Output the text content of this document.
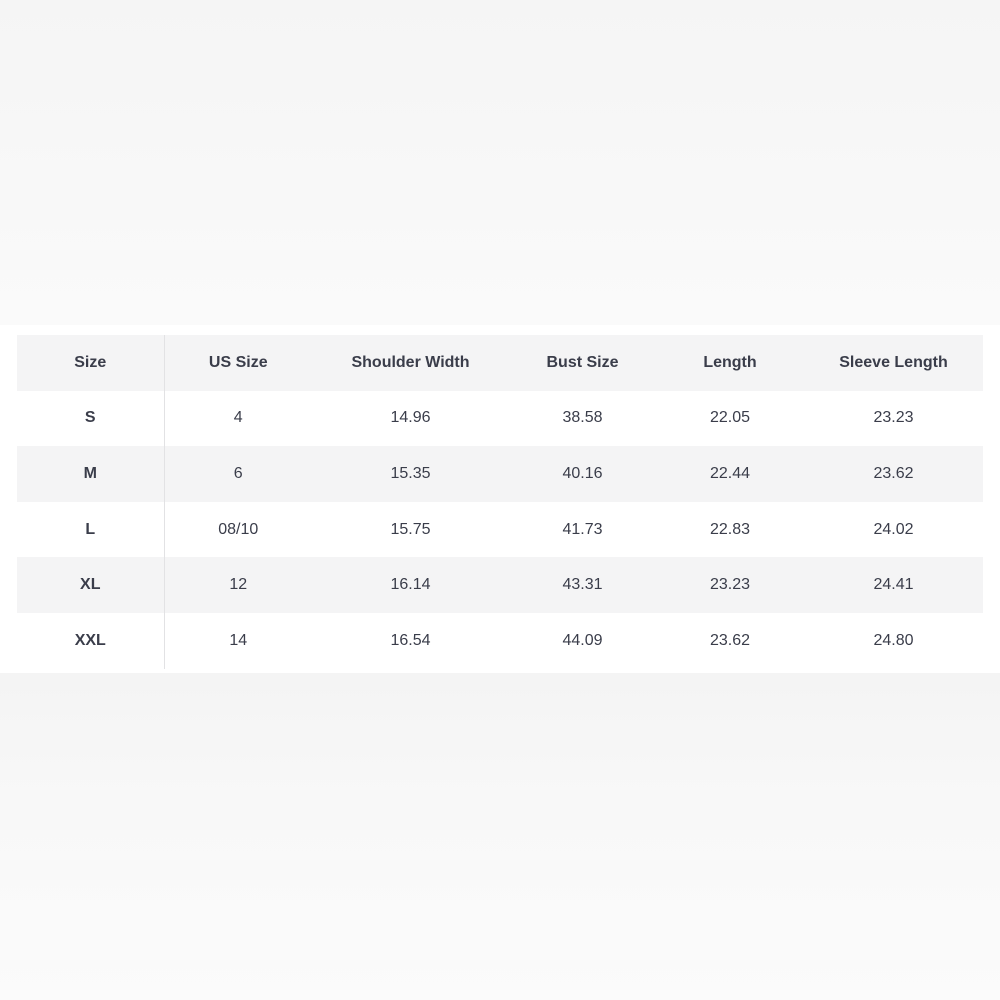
Size	US Size	Shoulder Width	Bust Size	Length	Sleeve Length
S	4	14.96	38.58	22.05	23.23
M	6	15.35	40.16	22.44	23.62
L	08/10	15.75	41.73	22.83	24.02
XL	12	16.14	43.31	23.23	24.41
XXL	14	16.54	44.09	23.62	24.80
